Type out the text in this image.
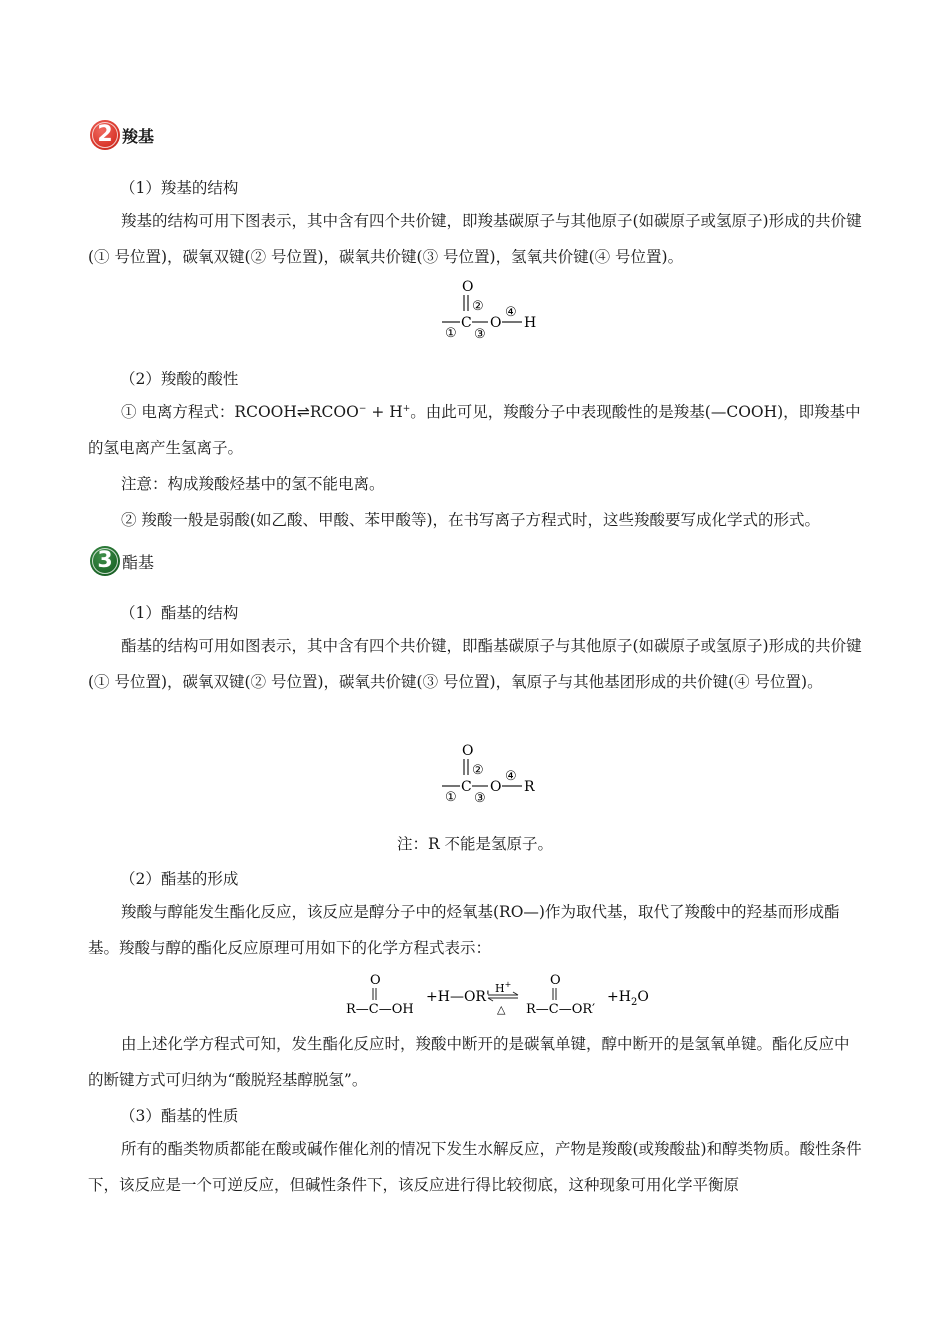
2 羧基

（1）羧基的结构

羧基的结构可用下图表示，其中含有四个共价键，即羧基碳原子与其他原子(如碳原子或氢原子)形成的共价键(① 号位置)，碳氧双键(② 号位置)，碳氧共价键(③ 号位置)，氢氧共价键(④ 号位置)。

O
②
C O
④
H
① ③

（2）羧酸的酸性

① 电离方程式：RCOOH⇌RCOO− + H+。由此可见，羧酸分子中表现酸性的是羧基(—COOH)，即羧基中的氢电离产生氢离子。

注意：构成羧酸烃基中的氢不能电离。

② 羧酸一般是弱酸(如乙酸、甲酸、苯甲酸等)，在书写离子方程式时，这些羧酸要写成化学式的形式。

3 酯基

（1）酯基的结构

酯基的结构可用如图表示，其中含有四个共价键，即酯基碳原子与其他原子(如碳原子或氢原子)形成的共价键(① 号位置)，碳氧双键(② 号位置)，碳氧共价键(③ 号位置)，氧原子与其他基团形成的共价键(④ 号位置)。

O
②
C O
④
R
① ③

注：R 不能是氢原子。

（2）酯基的形成

羧酸与醇能发生酯化反应，该反应是醇分子中的烃氧基(RO—)作为取代基，取代了羧酸中的羟基而形成酯基。羧酸与醇的酯化反应原理可用如下的化学方程式表示：

O
R—C—OH
+H—OR'
H+
△
O
R—C—OR′
$+H_2O$

由上述化学方程式可知，发生酯化反应时，羧酸中断开的是碳氧单键，醇中断开的是氢氧单键。酯化反应中的断键方式可归纳为“酸脱羟基醇脱氢”。

（3）酯基的性质

所有的酯类物质都能在酸或碱作催化剂的情况下发生水解反应，产物是羧酸(或羧酸盐)和醇类物质。酸性条件下，该反应是一个可逆反应，但碱性条件下，该反应进行得比较彻底，这种现象可用化学平衡原
